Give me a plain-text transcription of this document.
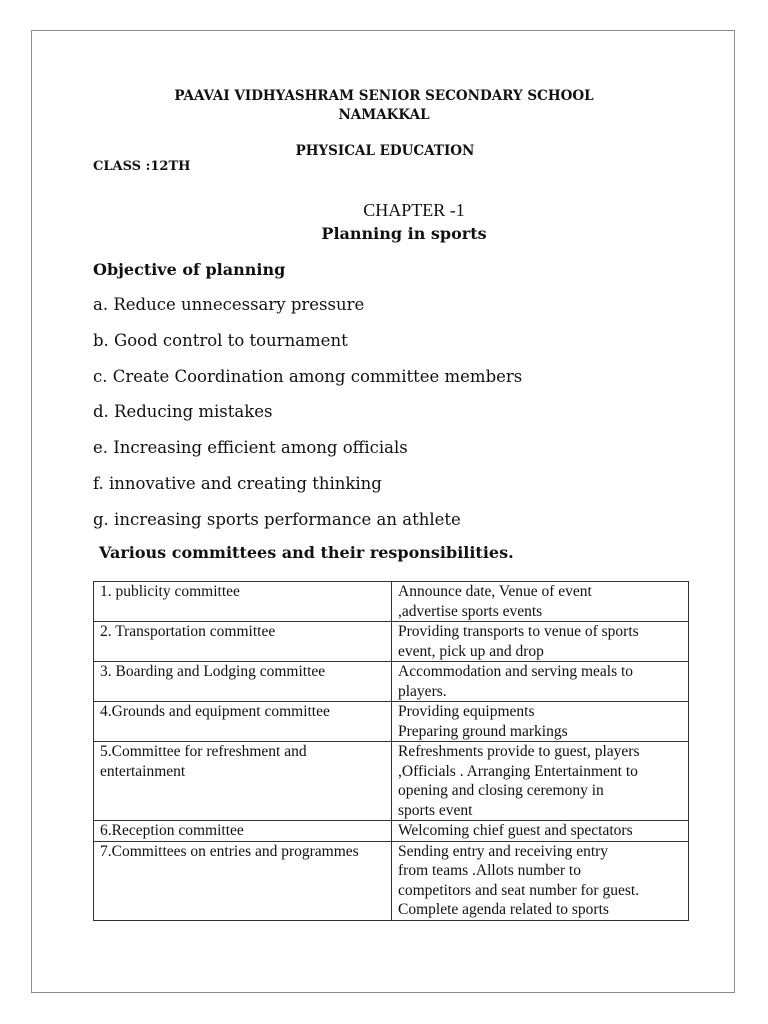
PAAVAI VIDHYASHRAM SENIOR SECONDARY SCHOOL
NAMAKKAL
PHYSICAL EDUCATION
CLASS :12TH
CHAPTER -1
Planning in sports
Objective of planning
a. Reduce unnecessary pressure
b. Good control to tournament
c. Create Coordination among committee members
d. Reducing mistakes
e. Increasing efficient among officials
f. innovative and creating thinking
g. increasing sports performance an athlete
Various committees and their responsibilities.
1. publicity committee	Announce date, Venue of event
,advertise sports events

2. Transportation committee	Providing transports to venue of sports
event, pick up and drop

3. Boarding and Lodging committee	Accommodation and serving meals to
players.

4.Grounds and equipment committee	Providing equipments
Preparing ground markings

5.Committee for refreshment and entertainment	Refreshments provide to guest, players
,Officials . Arranging Entertainment to
opening and closing ceremony in
sports event

6.Reception committee	Welcoming chief guest and spectators

7.Committees on entries and programmes	Sending entry and receiving entry
from teams .Allots number to
competitors and seat number for guest.
Complete agenda related to sports
